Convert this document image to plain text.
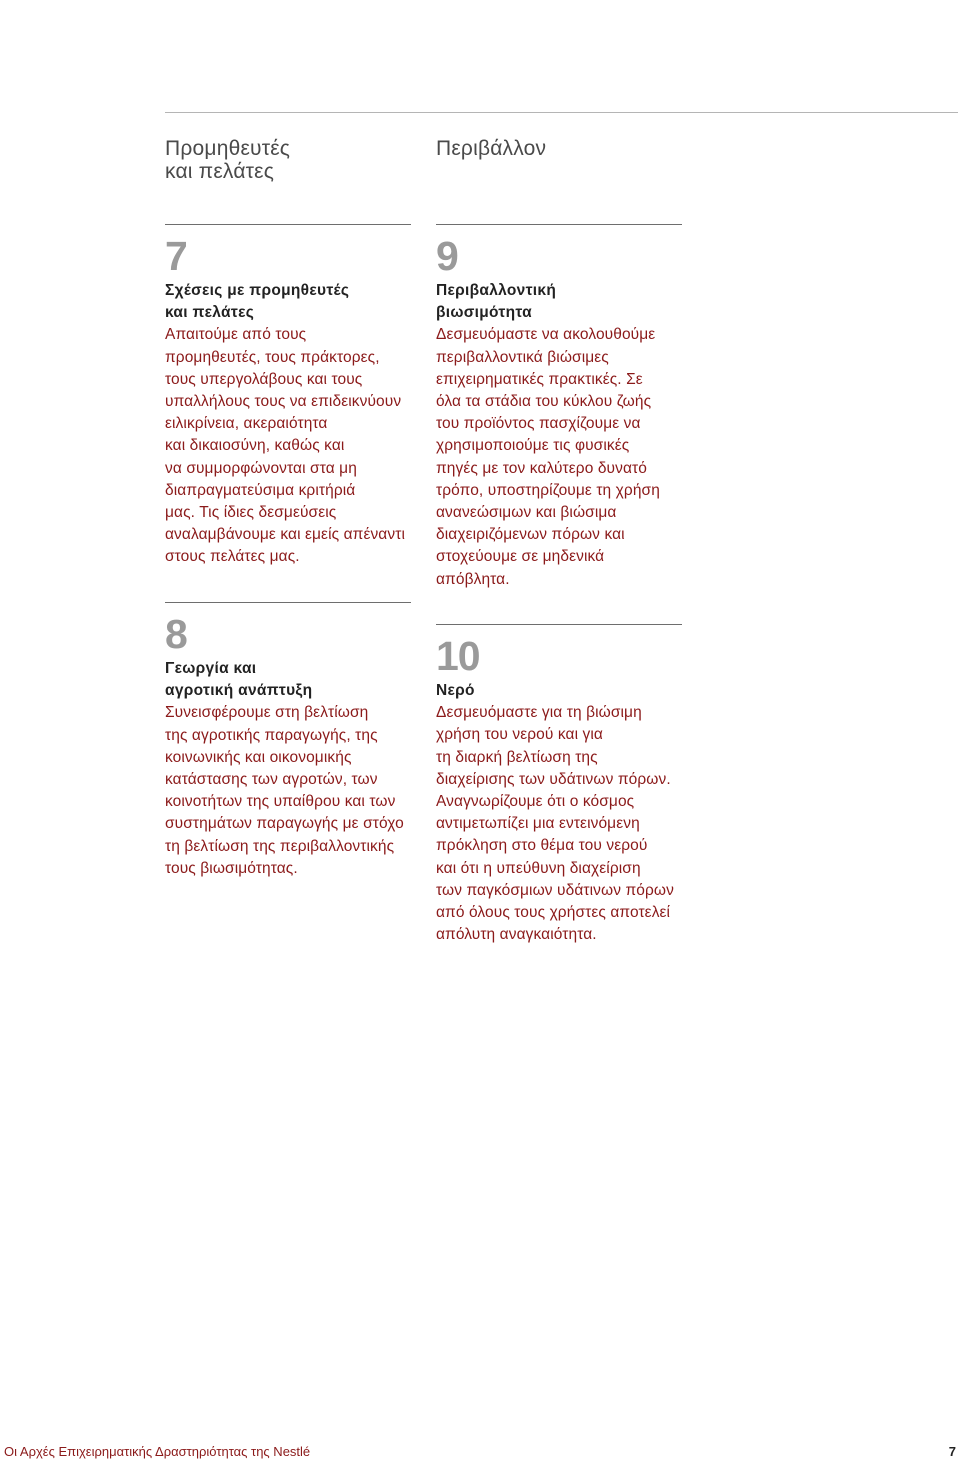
Προμηθευτές
και πελάτες
Περιβάλλον
7

Σχέσεις με προμηθευτές
και πελάτες

Απαιτούμε από τους
προμηθευτές, τους πράκτορες,
τους υπεργολάβους και τους
υπαλλήλους τους να επιδεικνύουν
ειλικρίνεια, ακεραιότητα
και δικαιοσύνη, καθώς και
να συμμορφώνονται στα μη
διαπραγματεύσιμα κριτήριά
μας. Τις ίδιες δεσμεύσεις
αναλαμβάνουμε και εμείς απέναντι
στους πελάτες μας.

8

Γεωργία και
αγροτική ανάπτυξη

Συνεισφέρουμε στη βελτίωση
της αγροτικής παραγωγής, της
κοινωνικής και οικονομικής
κατάστασης των αγροτών, των
κοινοτήτων της υπαίθρου και των
συστημάτων παραγωγής με στόχο
τη βελτίωση της περιβαλλοντικής
τους βιωσιμότητας.

9

Περιβαλλοντική
βιωσιμότητα

Δεσμευόμαστε να ακολουθούμε
περιβαλλοντικά βιώσιμες
επιχειρηματικές πρακτικές. Σε
όλα τα στάδια του κύκλου ζωής
του προϊόντος πασχίζουμε να
χρησιμοποιούμε τις φυσικές
πηγές με τον καλύτερο δυνατό
τρόπο, υποστηρίζουμε τη χρήση
ανανεώσιμων και βιώσιμα
διαχειριζόμενων πόρων και
στοχεύουμε σε μηδενικά
απόβλητα.

10

Νερό

Δεσμευόμαστε για τη βιώσιμη
χρήση του νερού και για
τη διαρκή βελτίωση της
διαχείρισης των υδάτινων πόρων.
Αναγνωρίζουμε ότι ο κόσμος
αντιμετωπίζει μια εντεινόμενη
πρόκληση στο θέμα του νερού
και ότι η υπεύθυνη διαχείριση
των παγκόσμιων υδάτινων πόρων
από όλους τους χρήστες αποτελεί
απόλυτη αναγκαιότητα.

Οι Αρχές Επιχειρηματικής Δραστηριότητας της Nestlé	7
